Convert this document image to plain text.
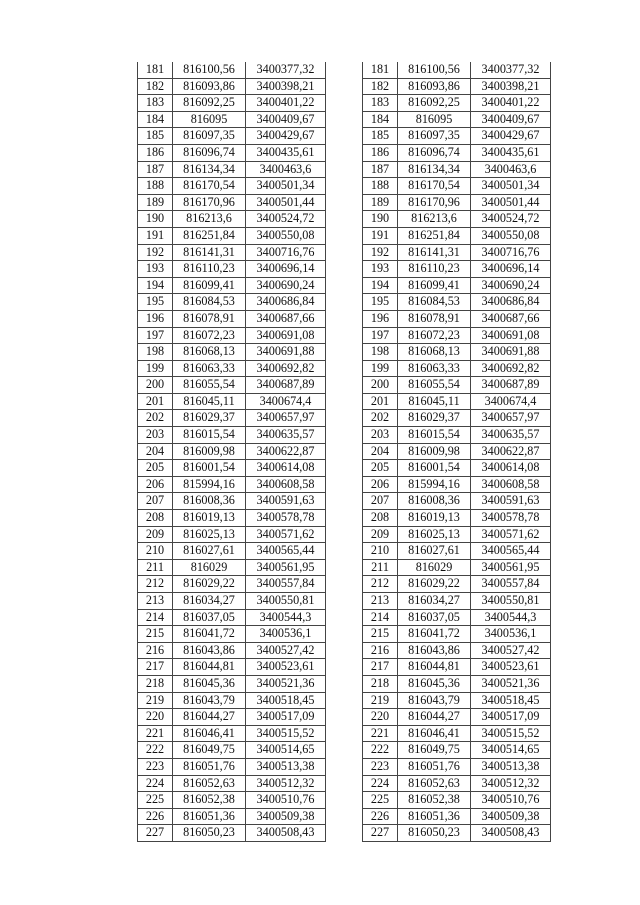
181	816100,56	3400377,32
182	816093,86	3400398,21
183	816092,25	3400401,22
184	816095	3400409,67
185	816097,35	3400429,67
186	816096,74	3400435,61
187	816134,34	3400463,6
188	816170,54	3400501,34
189	816170,96	3400501,44
190	816213,6	3400524,72
191	816251,84	3400550,08
192	816141,31	3400716,76
193	816110,23	3400696,14
194	816099,41	3400690,24
195	816084,53	3400686,84
196	816078,91	3400687,66
197	816072,23	3400691,08
198	816068,13	3400691,88
199	816063,33	3400692,82
200	816055,54	3400687,89
201	816045,11	3400674,4
202	816029,37	3400657,97
203	816015,54	3400635,57
204	816009,98	3400622,87
205	816001,54	3400614,08
206	815994,16	3400608,58
207	816008,36	3400591,63
208	816019,13	3400578,78
209	816025,13	3400571,62
210	816027,61	3400565,44
211	816029	3400561,95
212	816029,22	3400557,84
213	816034,27	3400550,81
214	816037,05	3400544,3
215	816041,72	3400536,1
216	816043,86	3400527,42
217	816044,81	3400523,61
218	816045,36	3400521,36
219	816043,79	3400518,45
220	816044,27	3400517,09
221	816046,41	3400515,52
222	816049,75	3400514,65
223	816051,76	3400513,38
224	816052,63	3400512,32
225	816052,38	3400510,76
226	816051,36	3400509,38
227	816050,23	3400508,43
181	816100,56	3400377,32
182	816093,86	3400398,21
183	816092,25	3400401,22
184	816095	3400409,67
185	816097,35	3400429,67
186	816096,74	3400435,61
187	816134,34	3400463,6
188	816170,54	3400501,34
189	816170,96	3400501,44
190	816213,6	3400524,72
191	816251,84	3400550,08
192	816141,31	3400716,76
193	816110,23	3400696,14
194	816099,41	3400690,24
195	816084,53	3400686,84
196	816078,91	3400687,66
197	816072,23	3400691,08
198	816068,13	3400691,88
199	816063,33	3400692,82
200	816055,54	3400687,89
201	816045,11	3400674,4
202	816029,37	3400657,97
203	816015,54	3400635,57
204	816009,98	3400622,87
205	816001,54	3400614,08
206	815994,16	3400608,58
207	816008,36	3400591,63
208	816019,13	3400578,78
209	816025,13	3400571,62
210	816027,61	3400565,44
211	816029	3400561,95
212	816029,22	3400557,84
213	816034,27	3400550,81
214	816037,05	3400544,3
215	816041,72	3400536,1
216	816043,86	3400527,42
217	816044,81	3400523,61
218	816045,36	3400521,36
219	816043,79	3400518,45
220	816044,27	3400517,09
221	816046,41	3400515,52
222	816049,75	3400514,65
223	816051,76	3400513,38
224	816052,63	3400512,32
225	816052,38	3400510,76
226	816051,36	3400509,38
227	816050,23	3400508,43
